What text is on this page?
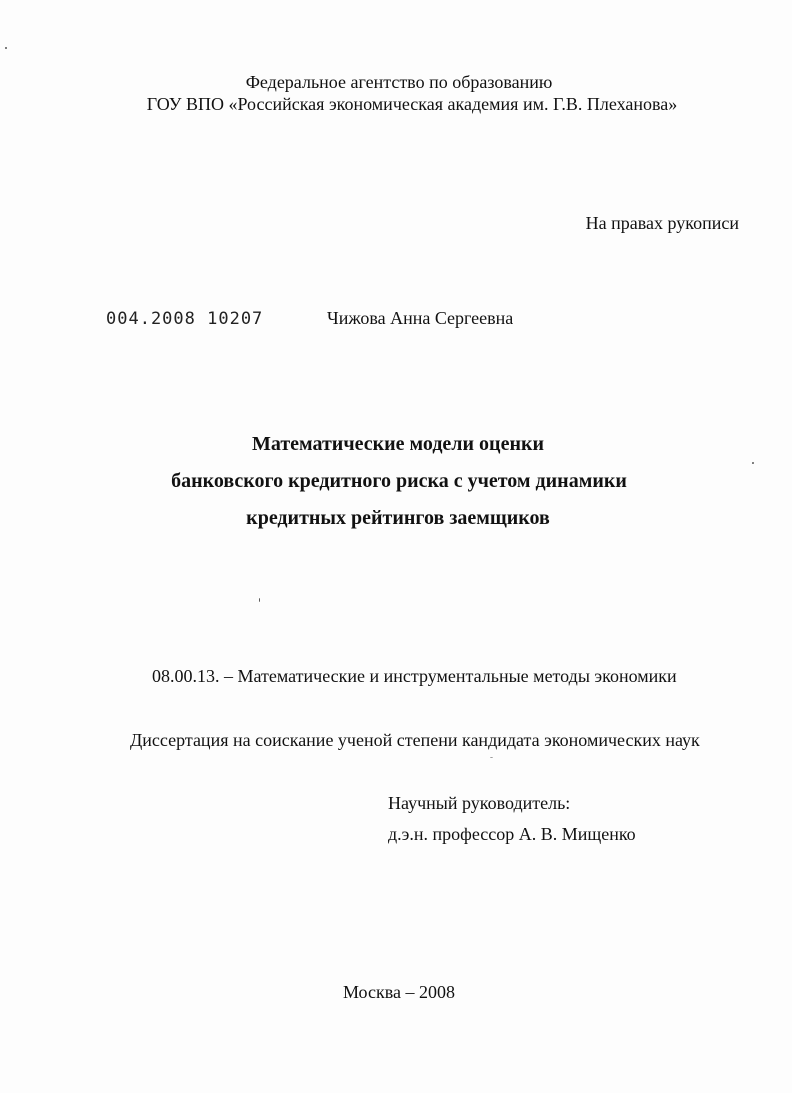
Федеральное агентство по образованию
ГОУ ВПО «Российская экономическая академия им. Г.В. Плеханова»
На правах рукописи
004.2008 10207	Чижова Анна Сергеевна
Математические модели оценки
банковского кредитного риска с учетом динамики
кредитных рейтингов заемщиков
08.00.13. – Математические и инструментальные методы экономики
Диссертация на соискание ученой степени кандидата экономических наук
Научный руководитель:
д.э.н. профессор А. В. Мищенко
Москва – 2008
